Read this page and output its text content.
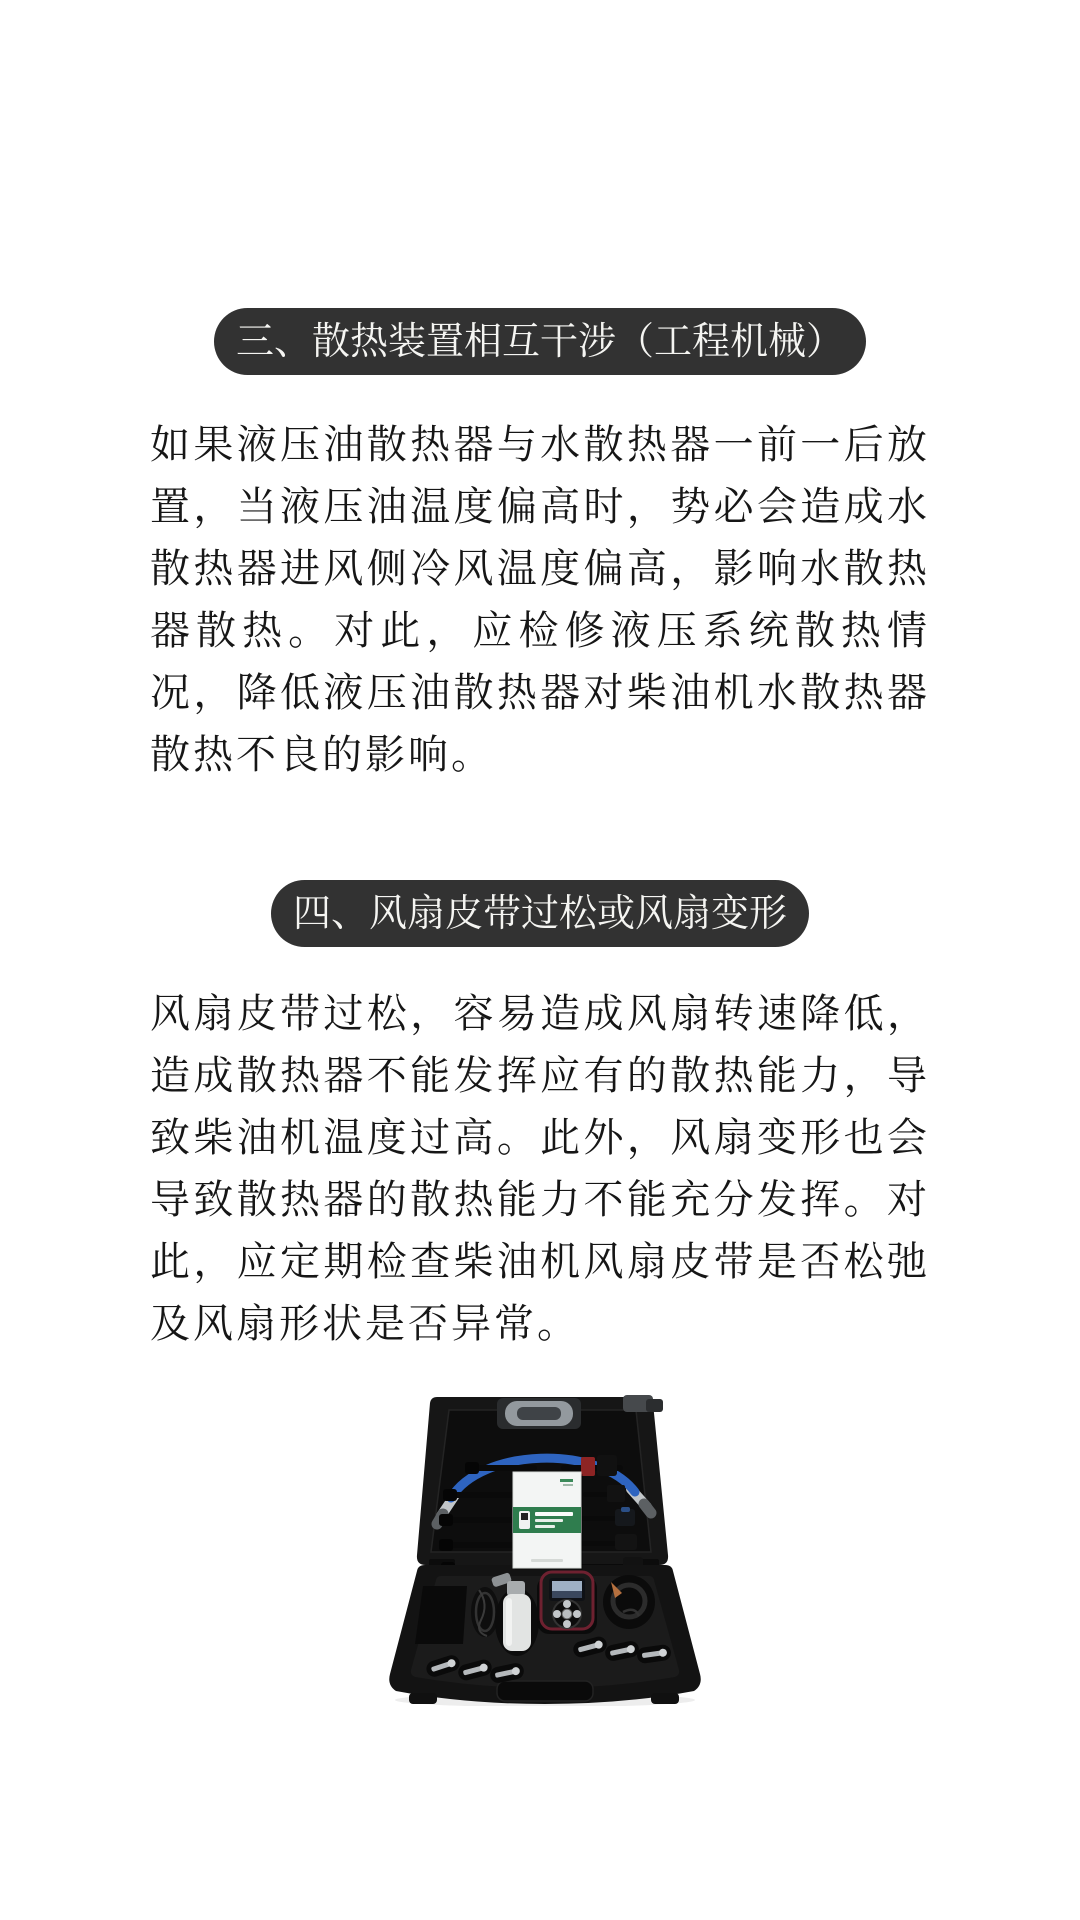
三、散热装置相互干涉（工程机械）

如果液压油散热器与水散热器一前一后放置，当液压油温度偏高时，势必会造成水散热器进风侧冷风温度偏高，影响水散热器散热。对此，应检修液压系统散热情况，降低液压油散热器对柴油机水散热器散热不良的影响。

四、风扇皮带过松或风扇变形

风扇皮带过松，容易造成风扇转速降低，造成散热器不能发挥应有的散热能力，导致柴油机温度过高。此外，风扇变形也会导致散热器的散热能力不能充分发挥。对此，应定期检查柴油机风扇皮带是否松弛及风扇形状是否异常。
